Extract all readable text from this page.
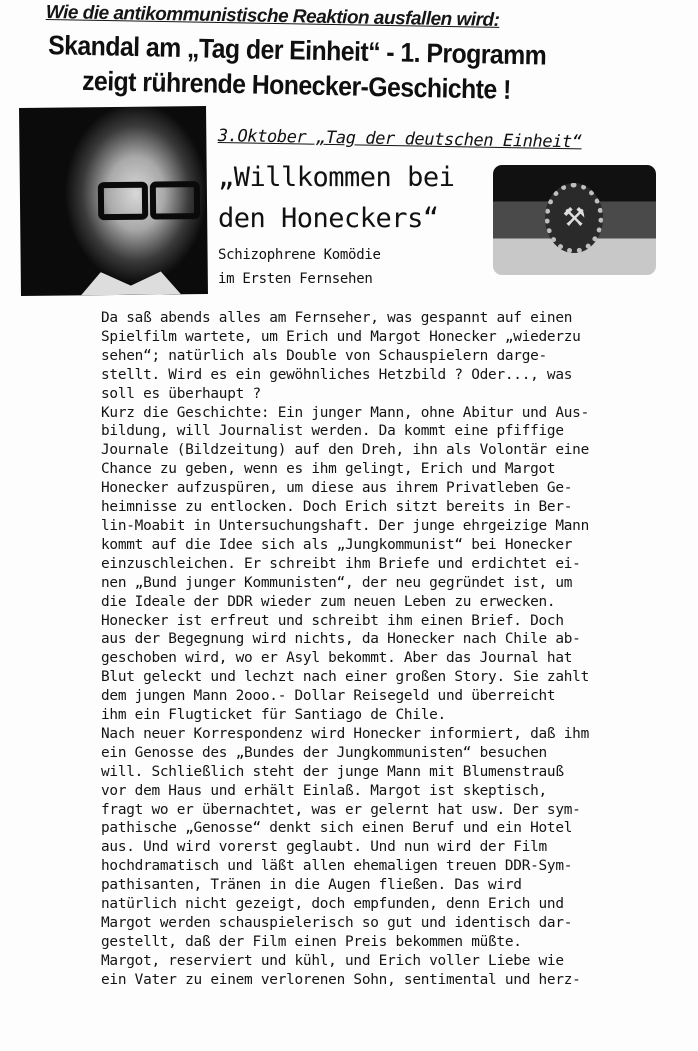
Wie die antikommunistische Reaktion ausfallen wird:
Skandal am „Tag der Einheit“ - 1. Programm
zeigt rührende Honecker-Geschichte !
3.Oktober „Tag der deutschen Einheit“
„Willkommen bei
den Honeckers“	⚒
Schizophrene Komödie
im Ersten Fernsehen
Da saß abends alles am Fernseher, was gespannt auf einen
Spielfilm wartete, um Erich und Margot Honecker „wiederzu
sehen“; natürlich als Double von Schauspielern darge-
stellt. Wird es ein gewöhnliches Hetzbild ? Oder..., was
soll es überhaupt ?
Kurz die Geschichte: Ein junger Mann, ohne Abitur und Aus-
bildung, will Journalist werden. Da kommt eine pfiffige
Journale (Bildzeitung) auf den Dreh, ihn als Volontär eine
Chance zu geben, wenn es ihm gelingt, Erich und Margot
Honecker aufzuspüren, um diese aus ihrem Privatleben Ge-
heimnisse zu entlocken. Doch Erich sitzt bereits in Ber-
lin-Moabit in Untersuchungshaft. Der junge ehrgeizige Mann
kommt auf die Idee sich als „Jungkommunist“ bei Honecker
einzuschleichen. Er schreibt ihm Briefe und erdichtet ei-
nen „Bund junger Kommunisten“, der neu gegründet ist, um
die Ideale der DDR wieder zum neuen Leben zu erwecken.
Honecker ist erfreut und schreibt ihm einen Brief. Doch
aus der Begegnung wird nichts, da Honecker nach Chile ab-
geschoben wird, wo er Asyl bekommt. Aber das Journal hat
Blut geleckt und lechzt nach einer großen Story. Sie zahlt
dem jungen Mann 2ooo.- Dollar Reisegeld und überreicht
ihm ein Flugticket für Santiago de Chile.
Nach neuer Korrespondenz wird Honecker informiert, daß ihm
ein Genosse des „Bundes der Jungkommunisten“ besuchen
will. Schließlich steht der junge Mann mit Blumenstrauß
vor dem Haus und erhält Einlaß. Margot ist skeptisch,
fragt wo er übernachtet, was er gelernt hat usw. Der sym-
pathische „Genosse“ denkt sich einen Beruf und ein Hotel
aus. Und wird vorerst geglaubt. Und nun wird der Film
hochdramatisch und läßt allen ehemaligen treuen DDR-Sym-
pathisanten, Tränen in die Augen fließen. Das wird
natürlich nicht gezeigt, doch empfunden, denn Erich und
Margot werden schauspielerisch so gut und identisch dar-
gestellt, daß der Film einen Preis bekommen müßte.
Margot, reserviert und kühl, und Erich voller Liebe wie
ein Vater zu einem verlorenen Sohn, sentimental und herz-
